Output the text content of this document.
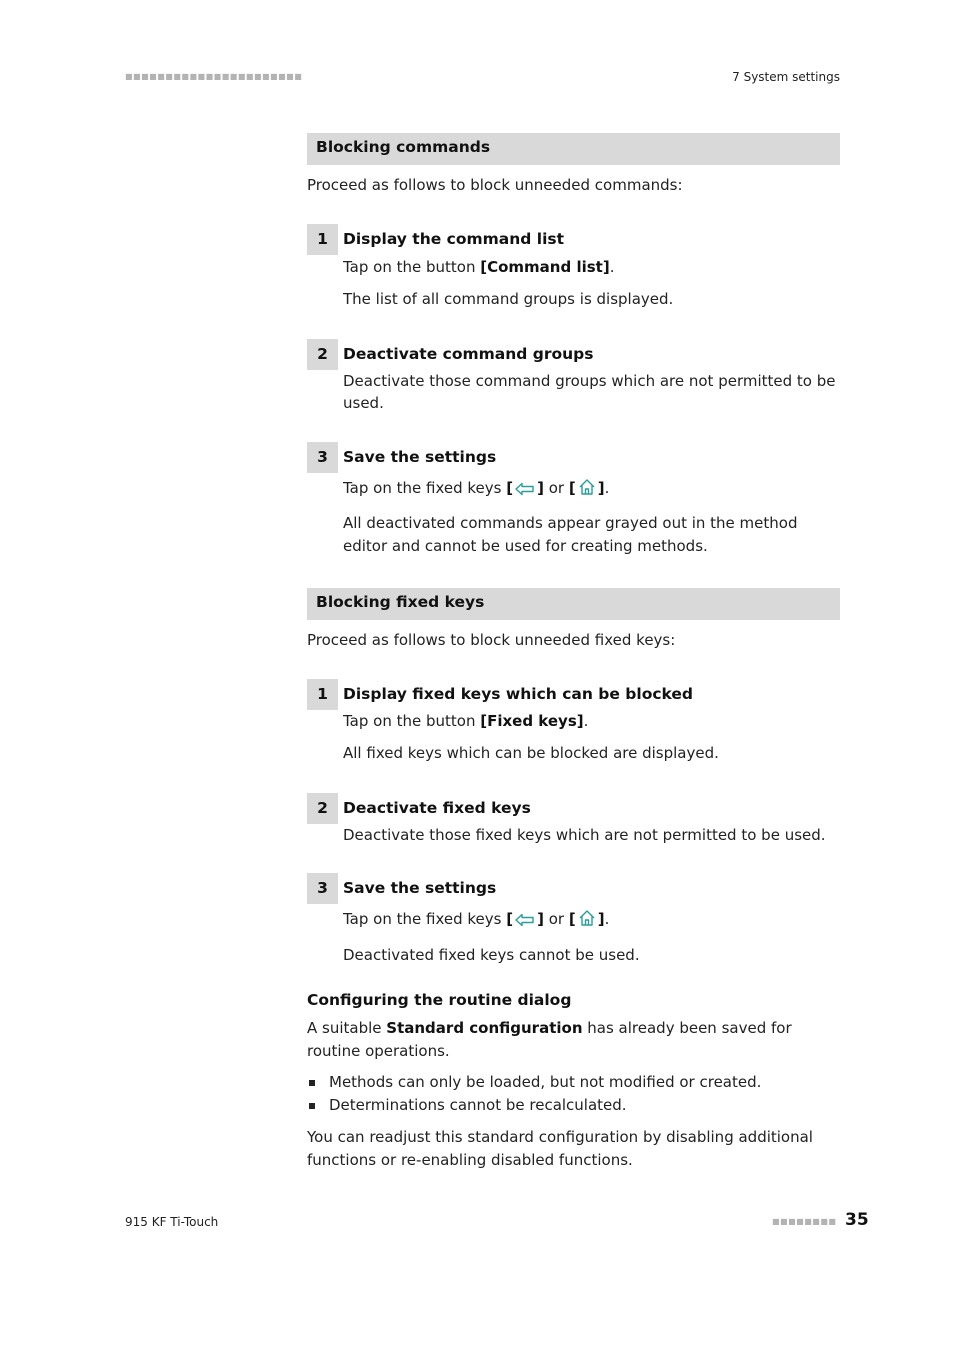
■■■■■■■■■■■■■■■■■■■■■■	7 System settings
Blocking commands

Proceed as follows to block unneeded commands:

1 Display the command list

Tap on the button [Command list].

The list of all command groups is displayed.

2 Deactivate command groups

Deactivate those command groups which are not permitted to be used.

3 Save the settings

Tap on the fixed keys [ ] or [ ].

All deactivated commands appear grayed out in the method editor and cannot be used for creating methods.

Blocking fixed keys

Proceed as follows to block unneeded fixed keys:

1 Display fixed keys which can be blocked

Tap on the button [Fixed keys].

All fixed keys which can be blocked are displayed.

2 Deactivate fixed keys

Deactivate those fixed keys which are not permitted to be used.

3 Save the settings

Tap on the fixed keys [ ] or [ ].

Deactivated fixed keys cannot be used.

Configuring the routine dialog

A suitable Standard configuration has already been saved for routine operations.

Methods can only be loaded, but not modified or created.
Determinations cannot be recalculated.

You can readjust this standard configuration by disabling additional functions or re-enabling disabled functions.

915 KF Ti-Touch	■■■■■■■■ 35
